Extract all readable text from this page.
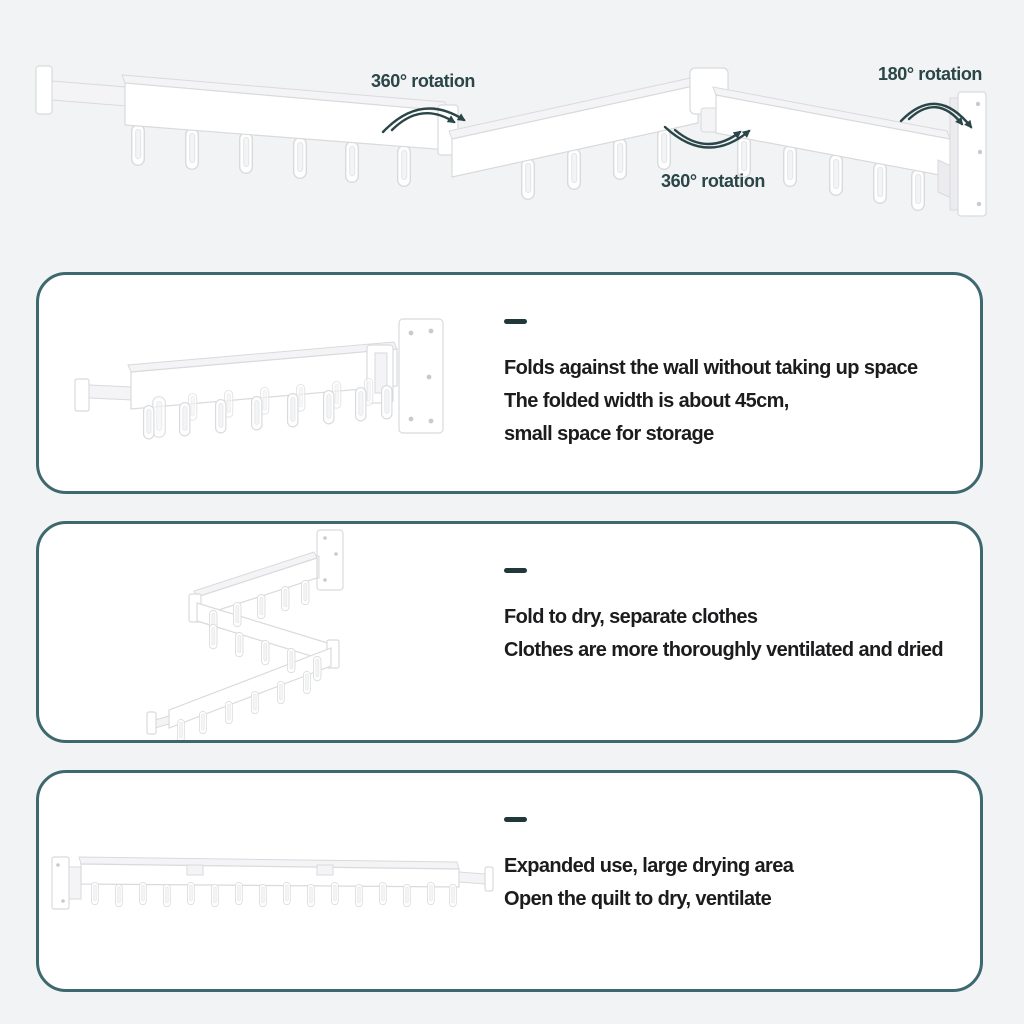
360° rotation	180° rotation
360° rotation

Folds against the wall without taking up space

The folded width is about 45cm,

small space for storage

Fold to dry, separate clothes

Clothes are more thoroughly ventilated and dried

Expanded use, large drying area

Open the quilt to dry, ventilate
